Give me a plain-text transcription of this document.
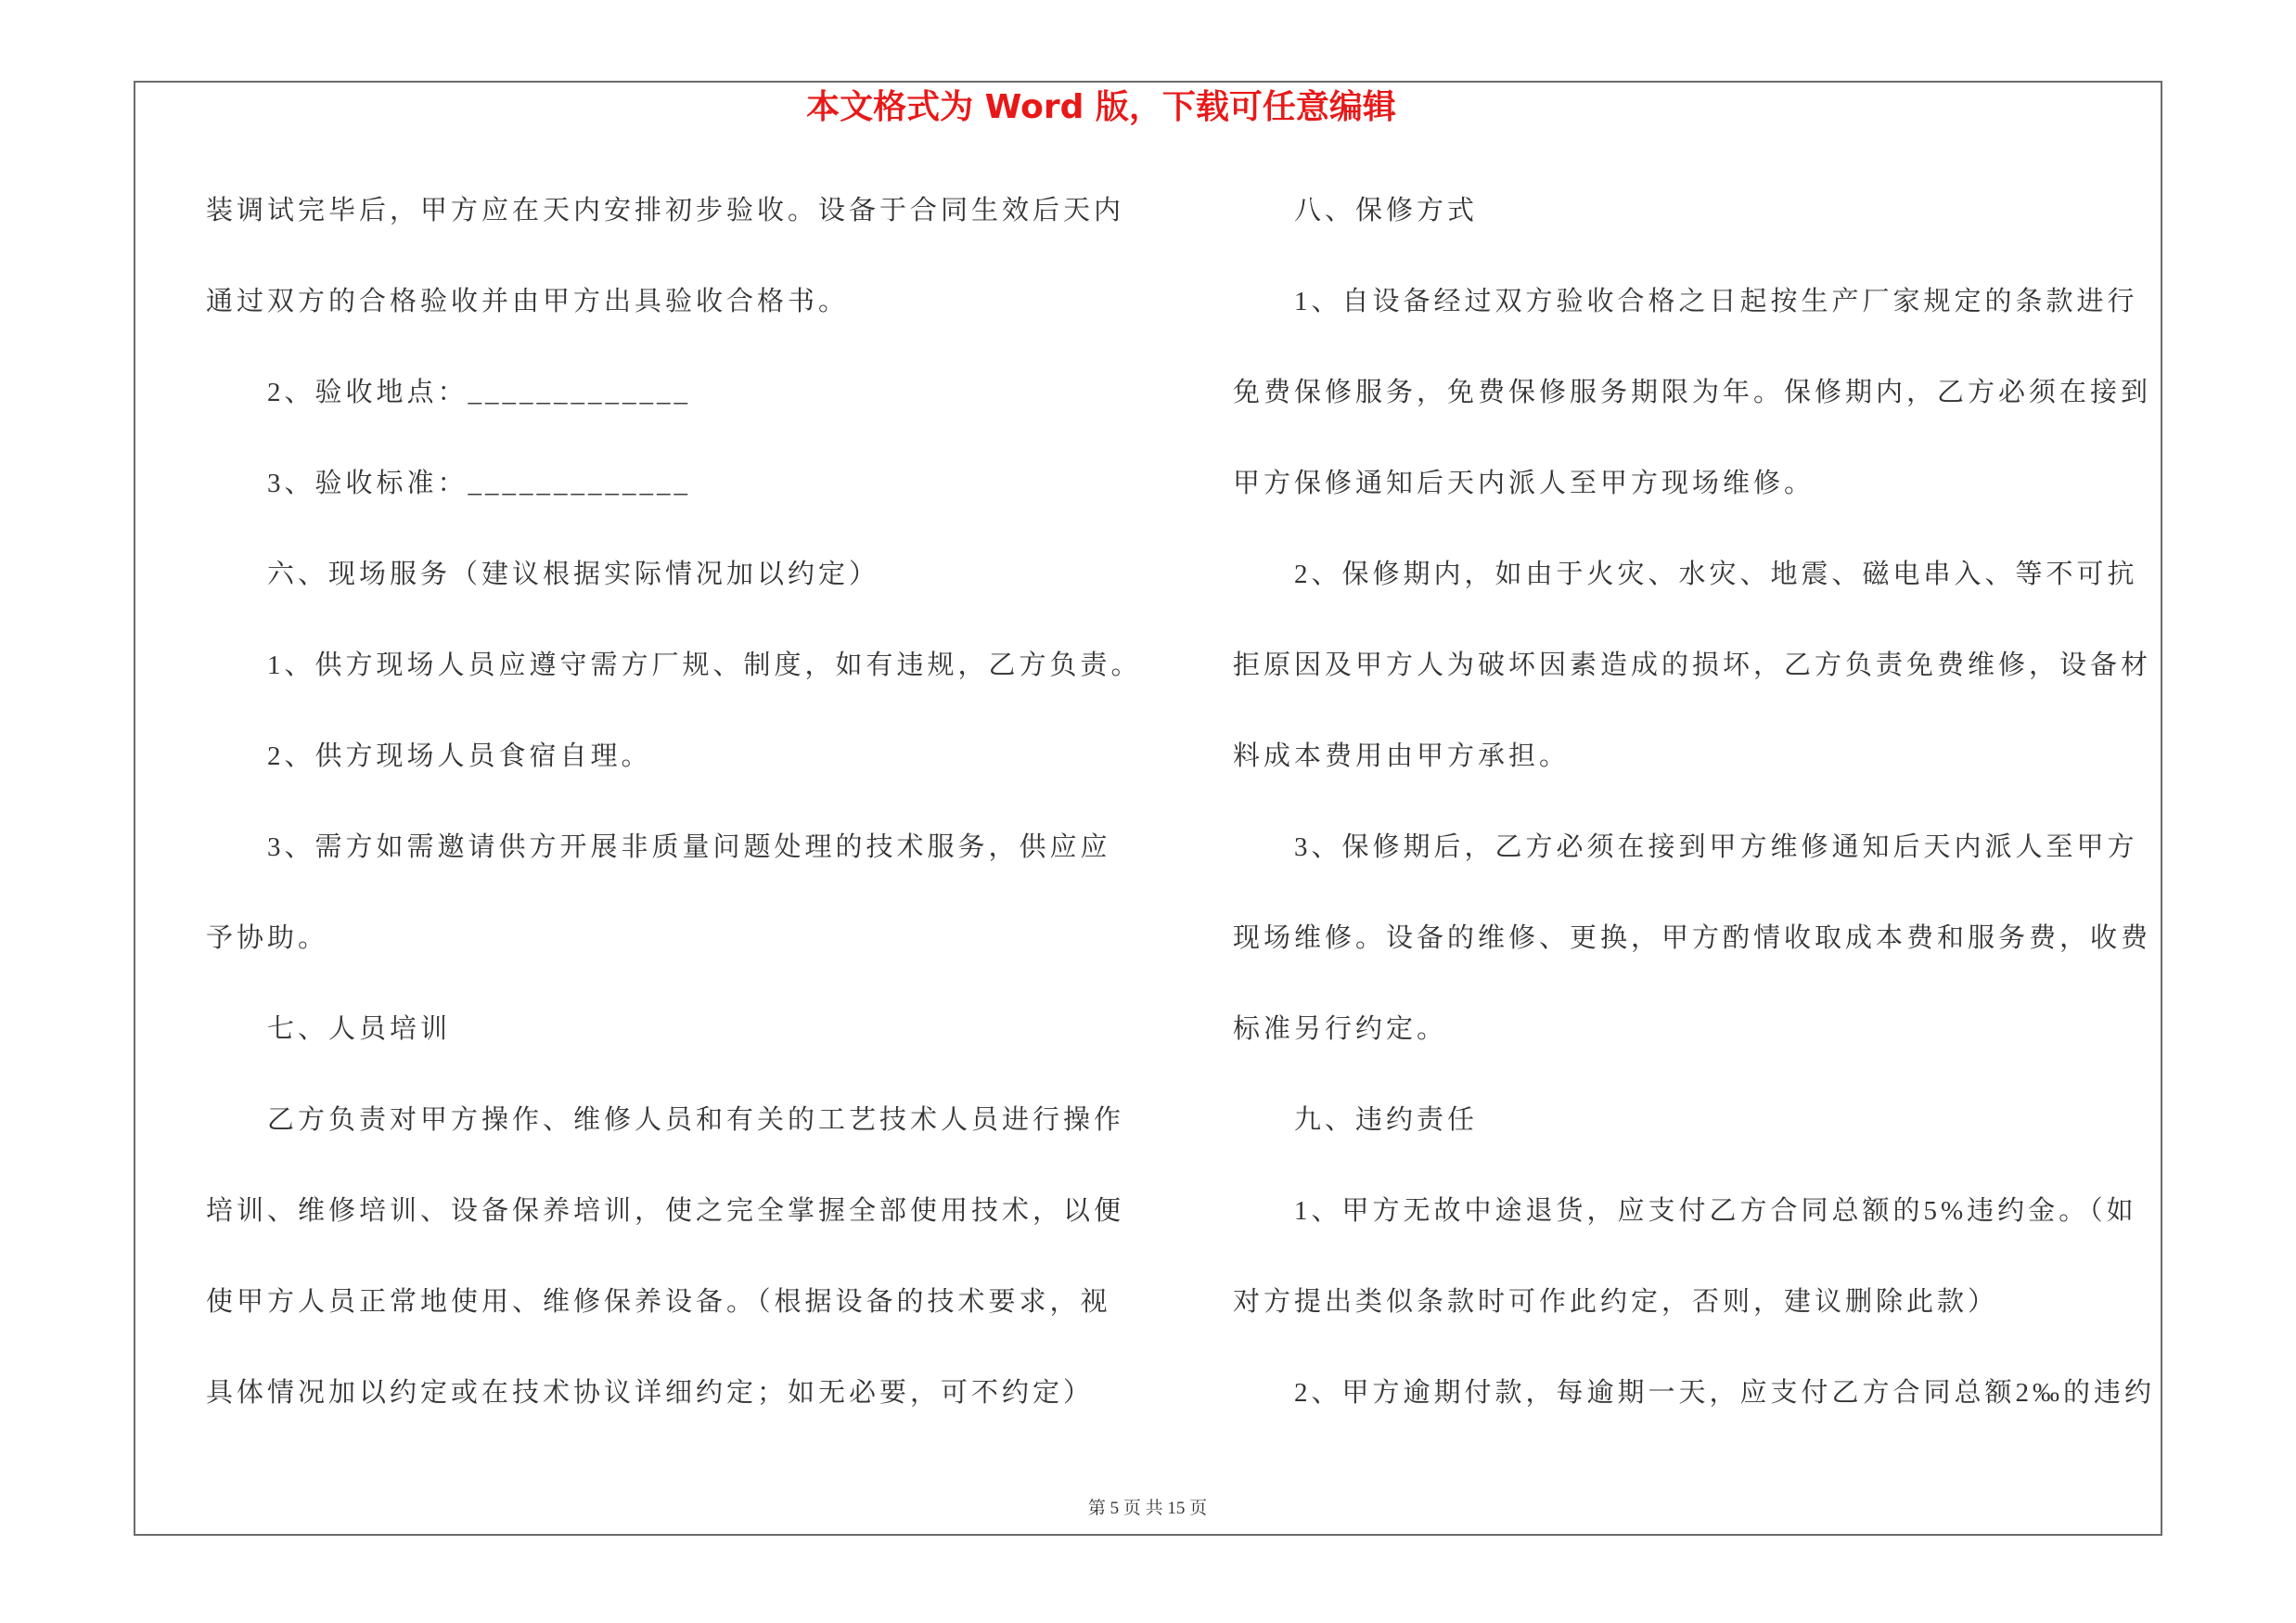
本文格式为 Word 版，下载可任意编辑
装调试完毕后，甲方应在天内安排初步验收。设备于合同生效后天内
通过双方的合格验收并由甲方出具验收合格书。
2、验收地点：_____________
3、验收标准：_____________
六、现场服务（建议根据实际情况加以约定）
1、供方现场人员应遵守需方厂规、制度，如有违规，乙方负责。
2、供方现场人员食宿自理。
3、需方如需邀请供方开展非质量问题处理的技术服务，供应应
予协助。
七、人员培训
乙方负责对甲方操作、维修人员和有关的工艺技术人员进行操作
培训、维修培训、设备保养培训，使之完全掌握全部使用技术，以便
使甲方人员正常地使用、维修保养设备。（根据设备的技术要求，视
具体情况加以约定或在技术协议详细约定；如无必要，可不约定）
八、保修方式
1、自设备经过双方验收合格之日起按生产厂家规定的条款进行
免费保修服务，免费保修服务期限为年。保修期内，乙方必须在接到
甲方保修通知后天内派人至甲方现场维修。
2、保修期内，如由于火灾、水灾、地震、磁电串入、等不可抗
拒原因及甲方人为破坏因素造成的损坏，乙方负责免费维修，设备材
料成本费用由甲方承担。
3、保修期后，乙方必须在接到甲方维修通知后天内派人至甲方
现场维修。设备的维修、更换，甲方酌情收取成本费和服务费，收费
标准另行约定。
九、违约责任
1、甲方无故中途退货，应支付乙方合同总额的5%违约金。（如
对方提出类似条款时可作此约定，否则，建议删除此款）
2、甲方逾期付款，每逾期一天，应支付乙方合同总额2‰的违约
第 5 页 共 15 页
